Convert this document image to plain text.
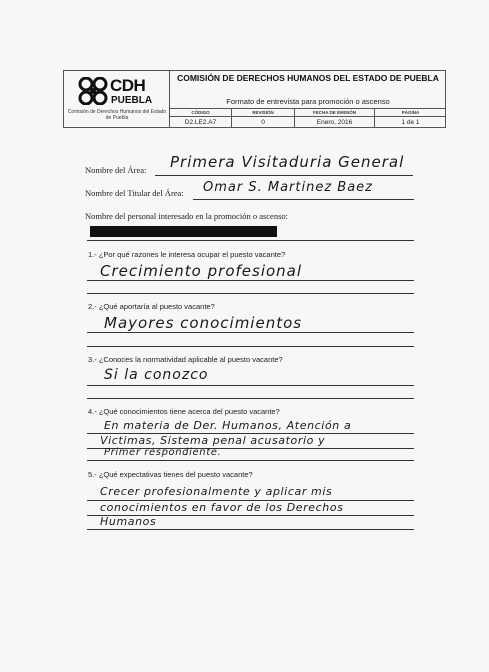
CDH
PUEBLA
Comisión de Derechos Humanos del Estado de Puebla
COMISIÓN DE DERECHOS HUMANOS DEL ESTADO DE PUEBLA
Formato de entrevista para promoción o ascenso
CÓDIGO
D2.LE2.A7
REVISIÓN
0
FECHA DE EMISIÓN
Enero, 2016
PÁGINA
1 de 1
Nombre del Área: Primera Visitaduria General
Nombre del Titular del Área: Omar S. Martinez Baez
Nombre del personal interesado en la promoción o ascenso:
1.- ¿Por qué razones le interesa ocupar el puesto vacante?
Crecimiento profesional
2.- ¿Qué aportaría al puesto vacante?
Mayores conocimientos
3.- ¿Conoces la normatividad aplicable al puesto vacante?
Si la conozco
4.- ¿Qué conocimientos tiene acerca del puesto vacante?
En materia de Der. Humanos, Atención a
Victimas, Sistema penal acusatorio y
Primer respondiente.
5.- ¿Qué expectativas tienes del puesto vacante?
Crecer profesionalmente y aplicar mis
conocimientos en favor de los Derechos
Humanos
